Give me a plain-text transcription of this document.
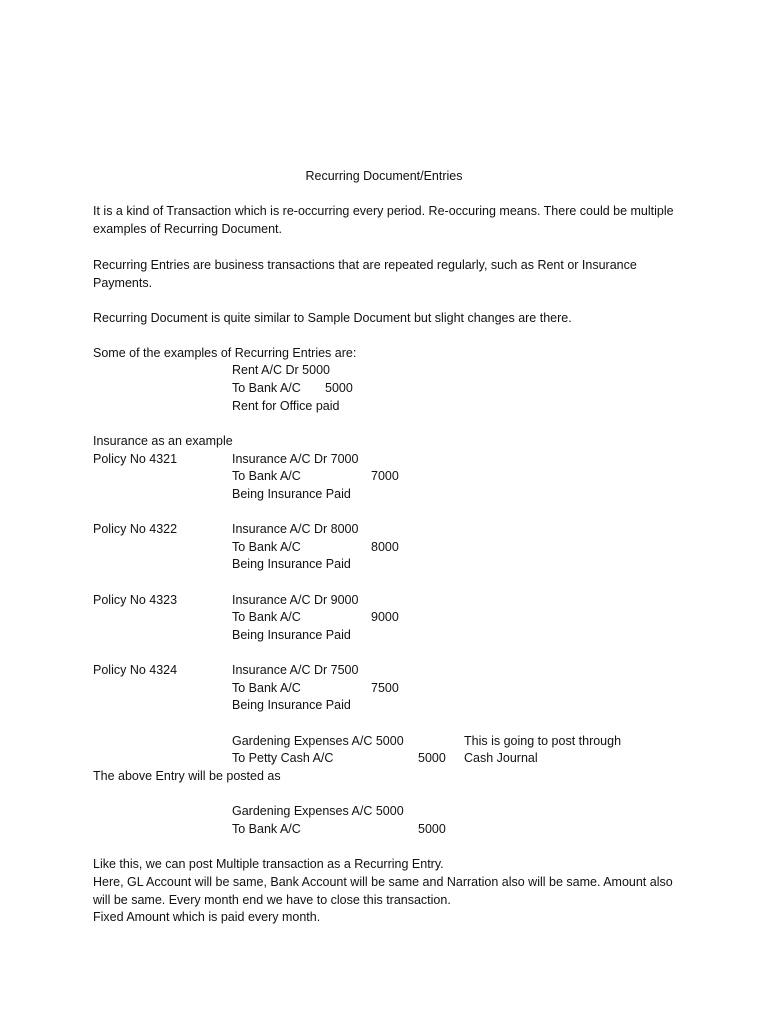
Recurring Document/Entries
It is a kind of Transaction which is re-occurring every period. Re-occuring means. There could be multiple examples of Recurring Document.
Recurring Entries are business transactions that are repeated regularly, such as Rent or Insurance Payments.
Recurring Document is quite similar to Sample Document but slight changes are there.
Some of the examples of Recurring Entries are:
Rent A/C Dr 5000
To Bank A/C 5000
Rent for Office paid
Insurance as an example
Policy No 4321	Insurance A/C Dr 7000
To Bank A/C	7000
Being Insurance Paid
Policy No 4322	Insurance A/C Dr 8000
To Bank A/C	8000
Being Insurance Paid
Policy No 4323	Insurance A/C Dr 9000
To Bank A/C	9000
Being Insurance Paid
Policy No 4324	Insurance A/C Dr 7500
To Bank A/C	7500
Being Insurance Paid
Gardening Expenses A/C 5000	This is going to post through
To Petty Cash A/C	5000 Cash Journal
The above Entry will be posted as
Gardening Expenses A/C 5000
To Bank A/C	5000
Like this, we can post Multiple transaction as a Recurring Entry.
Here, GL Account will be same, Bank Account will be same and Narration also will be same. Amount also will be same. Every month end we have to close this transaction.
Fixed Amount which is paid every month.
